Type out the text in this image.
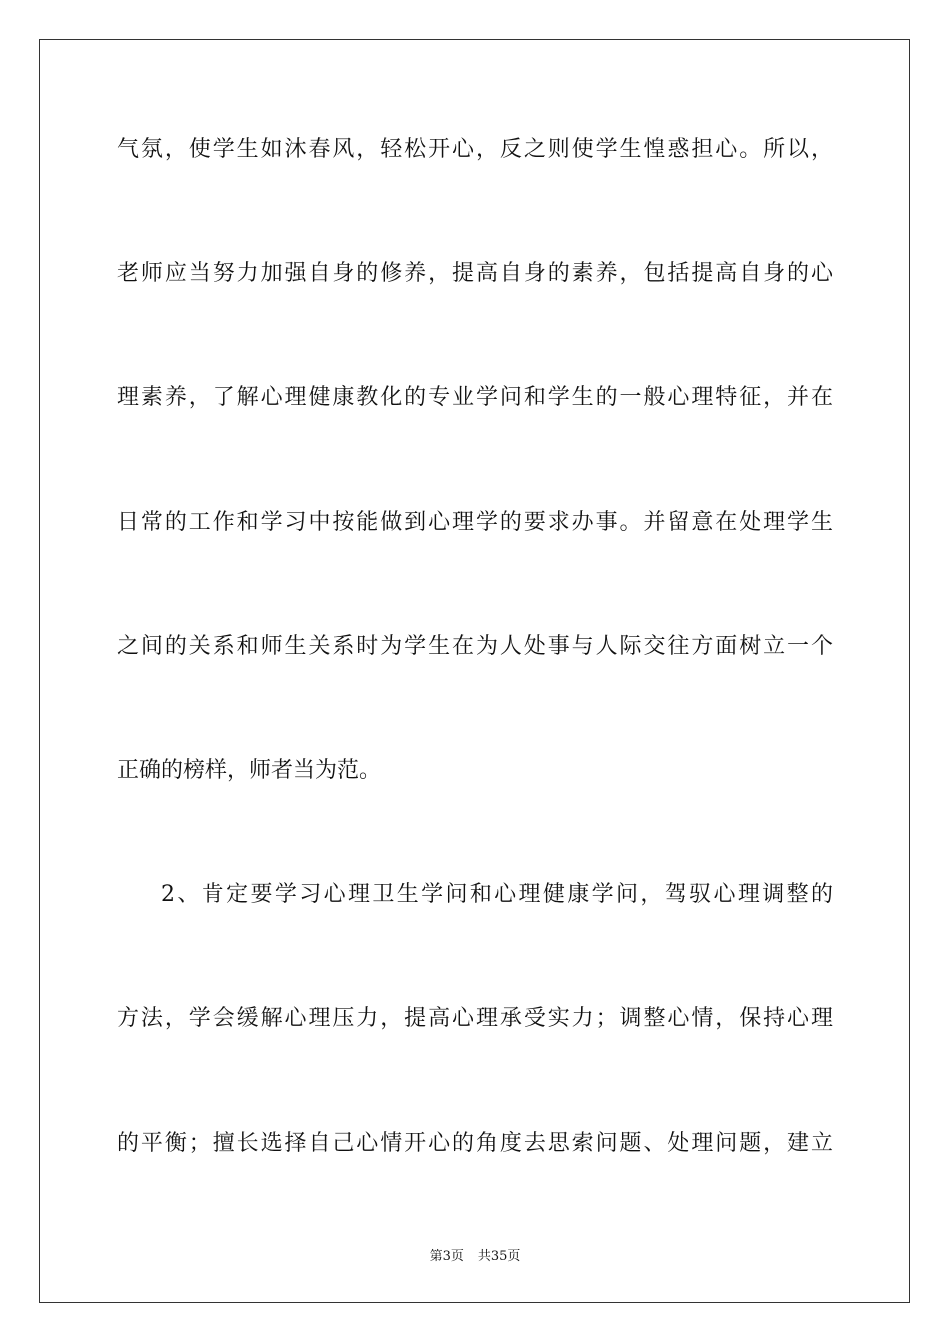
气氛，使学生如沐春风，轻松开心，反之则使学生惶惑担心。所以，
老师应当努力加强自身的修养，提高自身的素养，包括提高自身的心
理素养，了解心理健康教化的专业学问和学生的一般心理特征，并在
日常的工作和学习中按能做到心理学的要求办事。并留意在处理学生
之间的关系和师生关系时为学生在为人处事与人际交往方面树立一个
正确的榜样，师者当为范。
2、肯定要学习心理卫生学问和心理健康学问，驾驭心理调整的
方法，学会缓解心理压力，提高心理承受实力；调整心情，保持心理
的平衡；擅长选择自己心情开心的角度去思索问题、处理问题，建立
第3页 共35页
